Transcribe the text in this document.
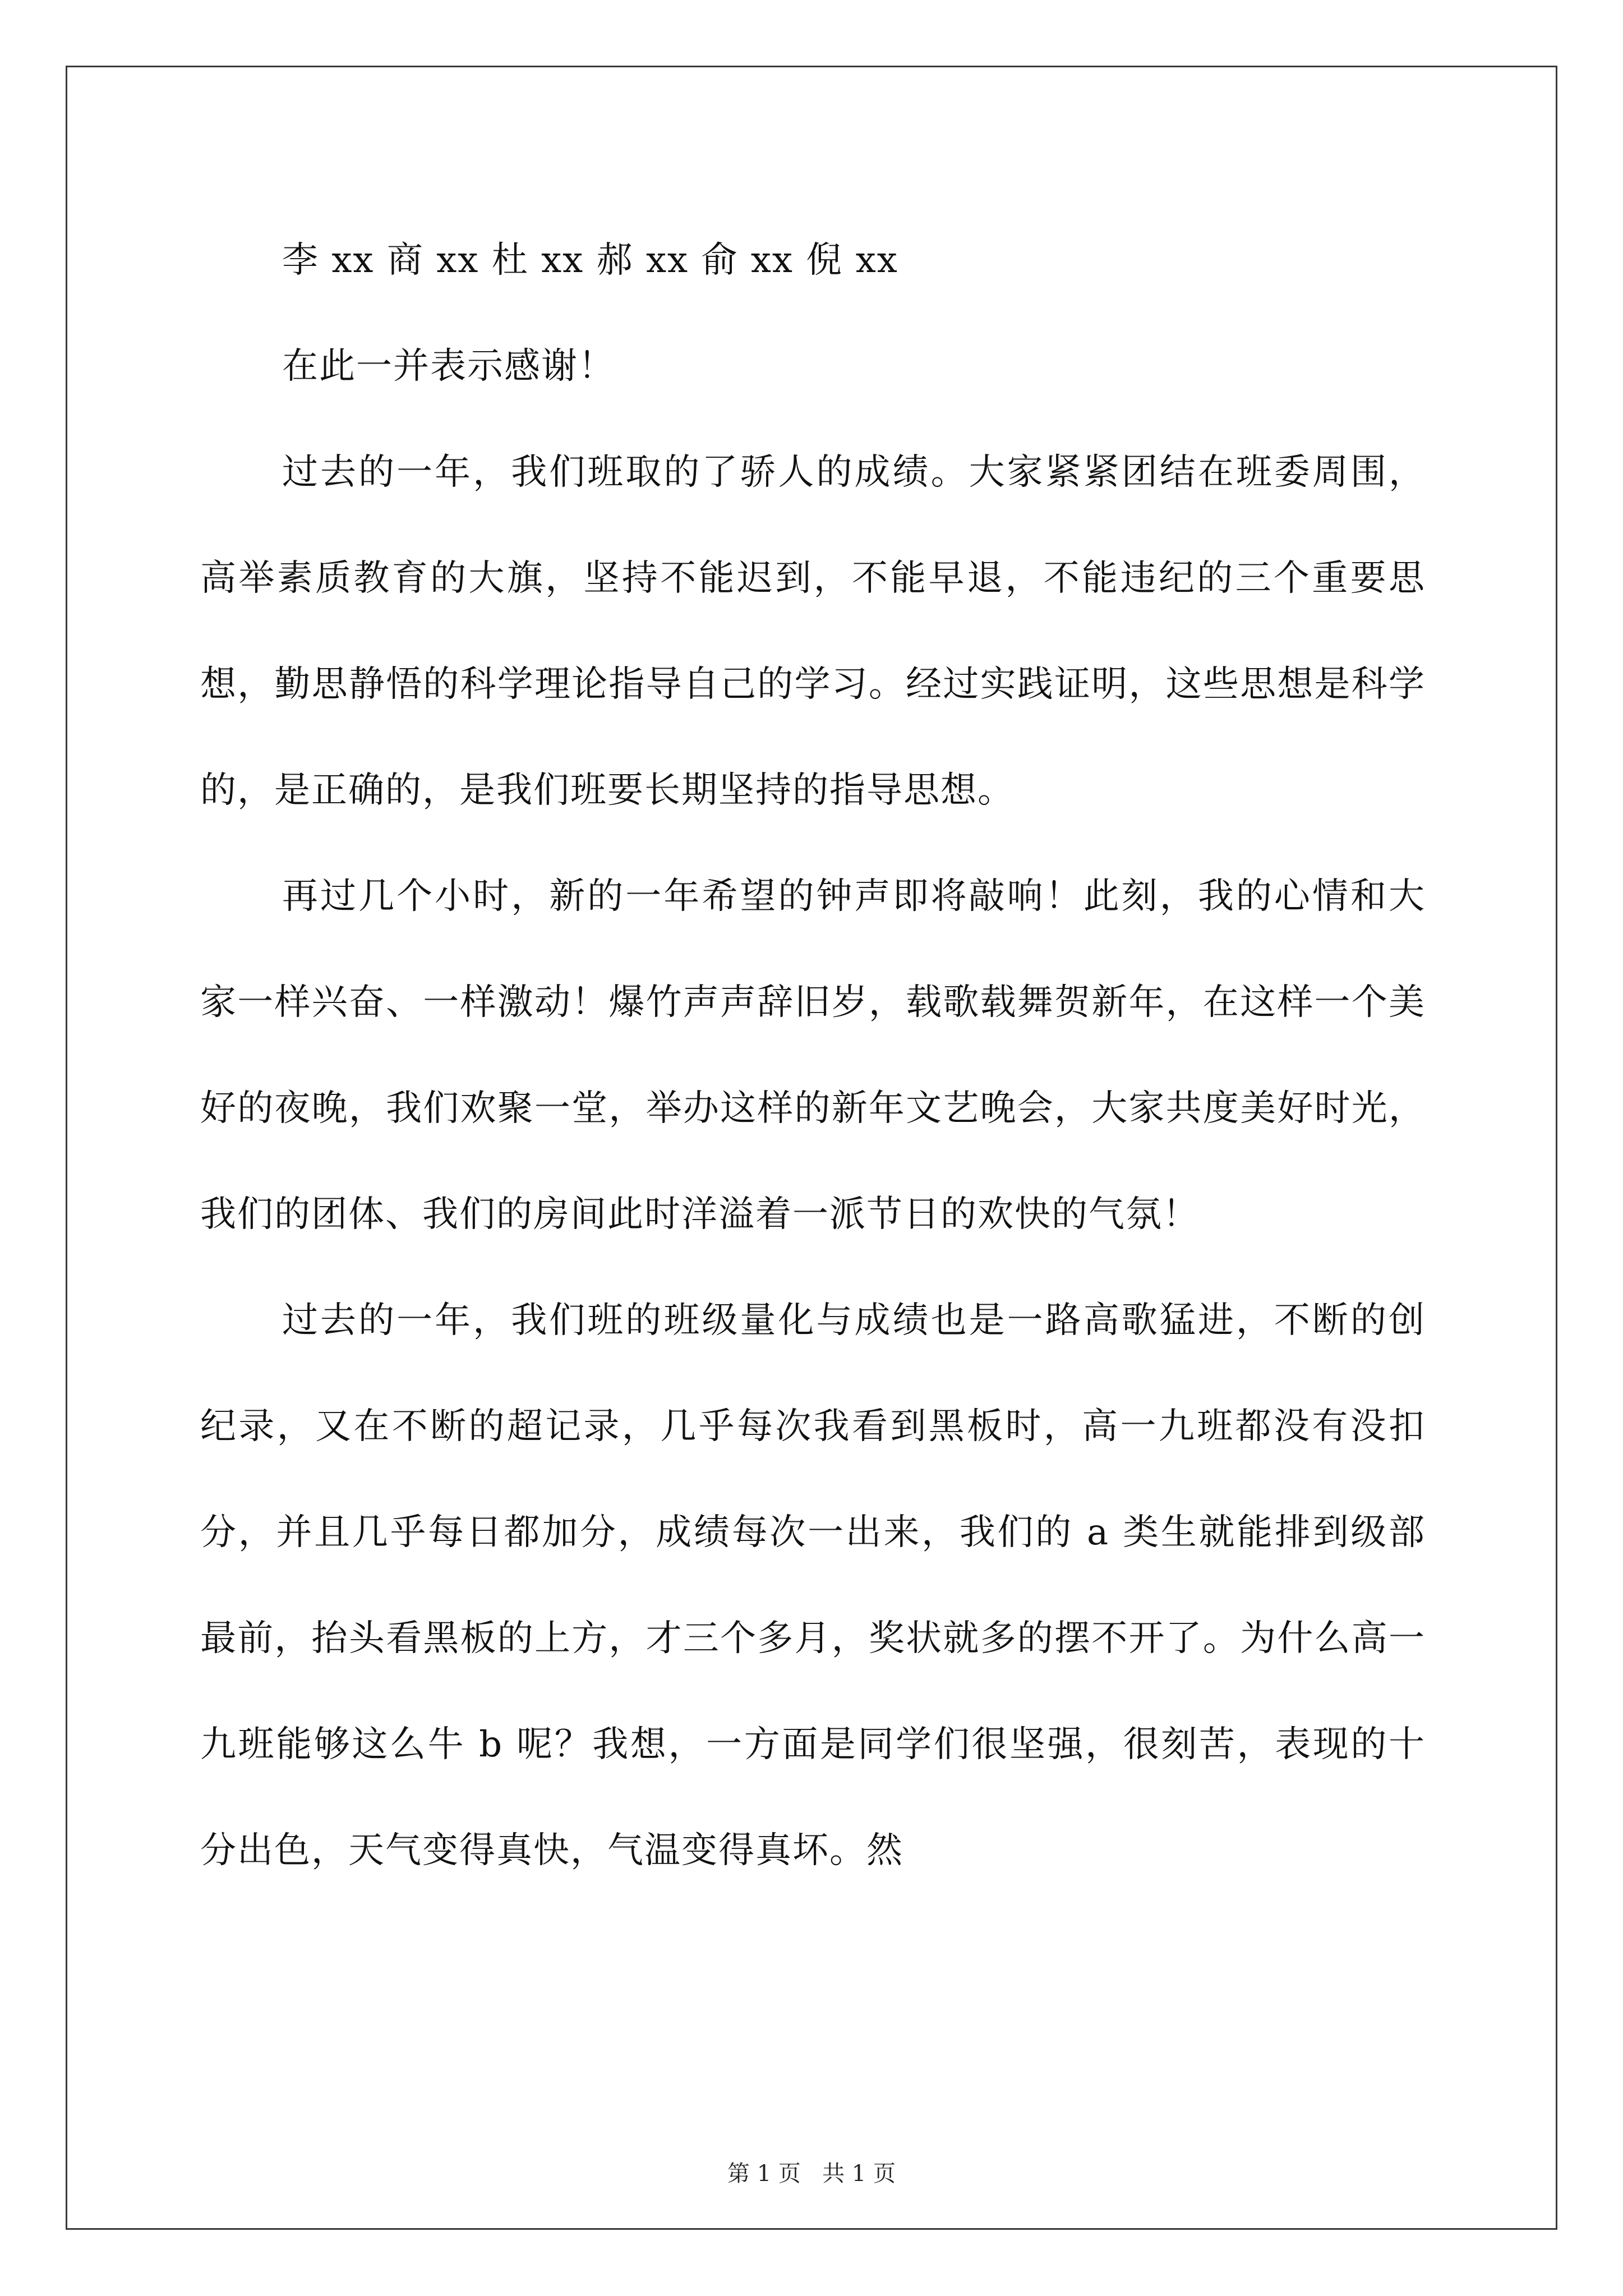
李 xx 商 xx 杜 xx 郝 xx 俞 xx 倪 xx

在此一并表示感谢！

过去的一年，我们班取的了骄人的成绩。大家紧紧团结在班委周围，高举素质教育的大旗，坚持不能迟到，不能早退，不能违纪的三个重要思想，勤思静悟的科学理论指导自己的学习。经过实践证明，这些思想是科学的，是正确的，是我们班要长期坚持的指导思想。

再过几个小时，新的一年希望的钟声即将敲响！此刻，我的心情和大家一样兴奋、一样激动！爆竹声声辞旧岁，载歌载舞贺新年，在这样一个美好的夜晚，我们欢聚一堂，举办这样的新年文艺晚会，大家共度美好时光，我们的团体、我们的房间此时洋溢着一派节日的欢快的气氛！

过去的一年，我们班的班级量化与成绩也是一路高歌猛进，不断的创纪录，又在不断的超记录，几乎每次我看到黑板时，高一九班都没有没扣分，并且几乎每日都加分，成绩每次一出来，我们的 a 类生就能排到级部最前，抬头看黑板的上方，才三个多月，奖状就多的摆不开了。为什么高一九班能够这么牛 b 呢？我想，一方面是同学们很坚强，很刻苦，表现的十分出色，天气变得真快，气温变得真坏。然

第 1 页 共 1 页
